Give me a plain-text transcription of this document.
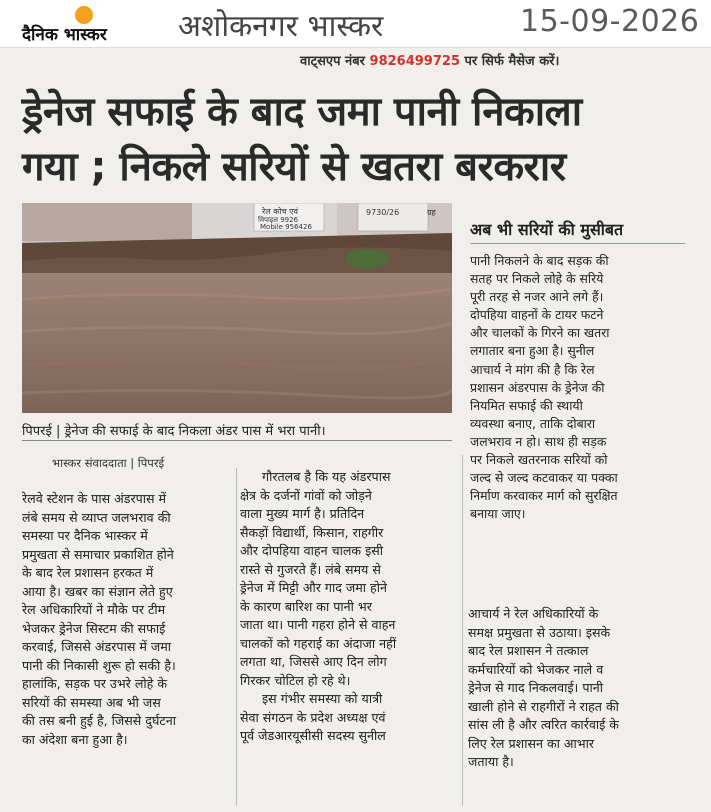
दैनिक भास्कर अशोकनगर भास्कर	15-09-2026
वाट्सएप नंबर 9826499725 पर सिर्फ मैसेज करें।
ड्रेनेज सफाई के बाद जमा पानी निकाला
गया ; निकले सरियों से खतरा बरकरार
रेल कोच एवं
मिपाइल 9926
Mobile 956426
9730/26	ग्रह
पिपरई | ड्रेनेज की सफाई के बाद निकला अंडर पास में भरा पानी।
अब भी सरियों की मुसीबत
पानी निकलने के बाद सड़क की
सतह पर निकले लोहे के सरिये
पूरी तरह से नजर आने लगे हैं।
दोपहिया वाहनों के टायर फटने
और चालकों के गिरने का खतरा
लगातार बना हुआ है। सुनील
आचार्य ने मांग की है कि रेल
प्रशासन अंडरपास के ड्रेनेज की
नियमित सफाई की स्थायी
व्यवस्था बनाए, ताकि दोबारा
जलभराव न हो। साथ ही सड़क
पर निकले खतरनाक सरियों को
जल्द से जल्द कटवाकर या पक्का
निर्माण करवाकर मार्ग को सुरक्षित
बनाया जाए।
भास्कर संवाददाता | पिपरई
रेलवे स्टेशन के पास अंडरपास में
लंबे समय से व्याप्त जलभराव की
समस्या पर दैनिक भास्कर में
प्रमुखता से समाचार प्रकाशित होने
के बाद रेल प्रशासन हरकत में
आया है। खबर का संज्ञान लेते हुए
रेल अधिकारियों ने मौके पर टीम
भेजकर ड्रेनेज सिस्टम की सफाई
करवाई, जिससे अंडरपास में जमा
पानी की निकासी शुरू हो सकी है।
हालांकि, सड़क पर उभरे लोहे के
सरियों की समस्या अब भी जस
की तस बनी हुई है, जिससे दुर्घटना
का अंदेशा बना हुआ है।
गौरतलब है कि यह अंडरपास
क्षेत्र के दर्जनों गांवों को जोड़ने
वाला मुख्य मार्ग है। प्रतिदिन
सैकड़ों विद्यार्थी, किसान, राहगीर
और दोपहिया वाहन चालक इसी
रास्ते से गुजरते हैं। लंबे समय से
ड्रेनेज में मिट्टी और गाद जमा होने
के कारण बारिश का पानी भर
जाता था। पानी गहरा होने से वाहन
चालकों को गहराई का अंदाजा नहीं
लगता था, जिससे आए दिन लोग
गिरकर चोटिल हो रहे थे।
इस गंभीर समस्या को यात्री
सेवा संगठन के प्रदेश अध्यक्ष एवं
पूर्व जेडआरयूसीसी सदस्य सुनील
आचार्य ने रेल अधिकारियों के
समक्ष प्रमुखता से उठाया। इसके
बाद रेल प्रशासन ने तत्काल
कर्मचारियों को भेजकर नाले व
ड्रेनेज से गाद निकलवाई। पानी
खाली होने से राहगीरों ने राहत की
सांस ली है और त्वरित कार्रवाई के
लिए रेल प्रशासन का आभार
जताया है।
